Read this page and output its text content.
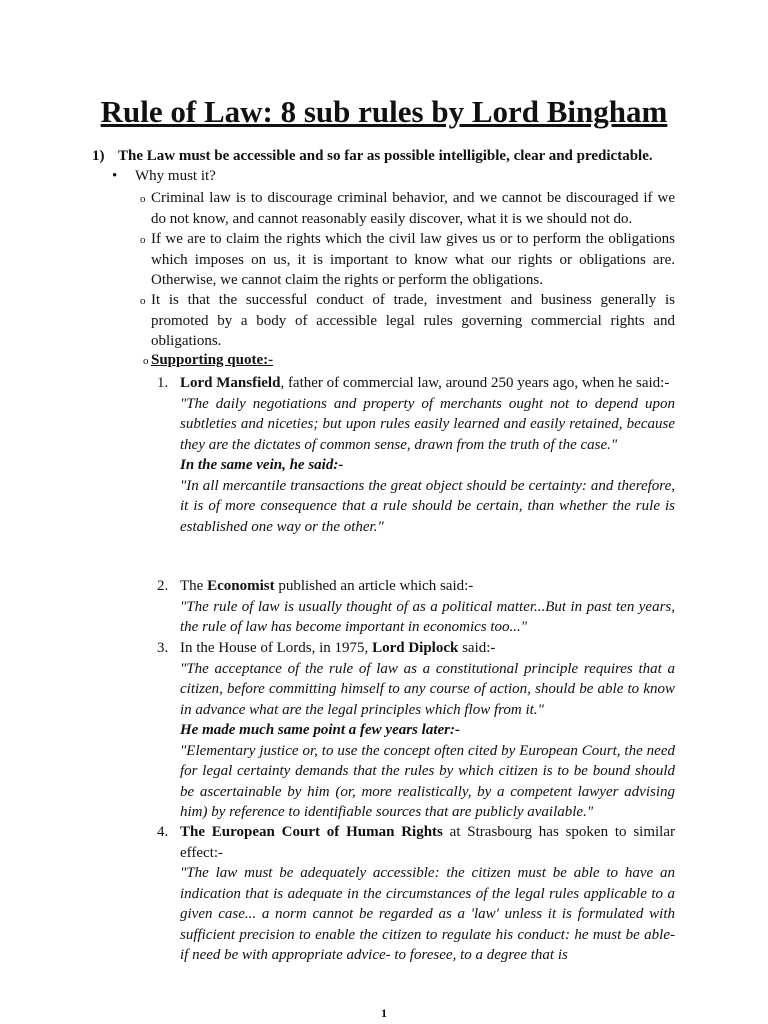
Rule of Law: 8 sub rules by Lord Bingham
1) The Law must be accessible and so far as possible intelligible, clear and predictable.
• Why must it?
o Criminal law is to discourage criminal behavior, and we cannot be discouraged if we do not know, and cannot reasonably easily discover, what it is we should not do.
o If we are to claim the rights which the civil law gives us or to perform the obligations which imposes on us, it is important to know what our rights or obligations are. Otherwise, we cannot claim the rights or perform the obligations.
o It is that the successful conduct of trade, investment and business generally is promoted by a body of accessible legal rules governing commercial rights and obligations.
o Supporting quote:-
1. Lord Mansfield, father of commercial law, around 250 years ago, when he said:-
"The daily negotiations and property of merchants ought not to depend upon subtleties and niceties; but upon rules easily learned and easily retained, because they are the dictates of common sense, drawn from the truth of the case."
In the same vein, he said:-
"In all mercantile transactions the great object should be certainty: and therefore, it is of more consequence that a rule should be certain, than whether the rule is established one way or the other."
2. The Economist published an article which said:-
"The rule of law is usually thought of as a political matter...But in past ten years, the rule of law has become important in economics too..."
3. In the House of Lords, in 1975, Lord Diplock said:-
"The acceptance of the rule of law as a constitutional principle requires that a citizen, before committing himself to any course of action, should be able to know in advance what are the legal principles which flow from it."
He made much same point a few years later:-
"Elementary justice or, to use the concept often cited by European Court, the need for legal certainty demands that the rules by which citizen is to be bound should be ascertainable by him (or, more realistically, by a competent lawyer advising him) by reference to identifiable sources that are publicly available."
4. The European Court of Human Rights at Strasbourg has spoken to similar effect:-
"The law must be adequately accessible: the citizen must be able to have an indication that is adequate in the circumstances of the legal rules applicable to a given case... a norm cannot be regarded as a 'law' unless it is formulated with sufficient precision to enable the citizen to regulate his conduct: he must be able- if need be with appropriate advice- to foresee, to a degree that is
1
